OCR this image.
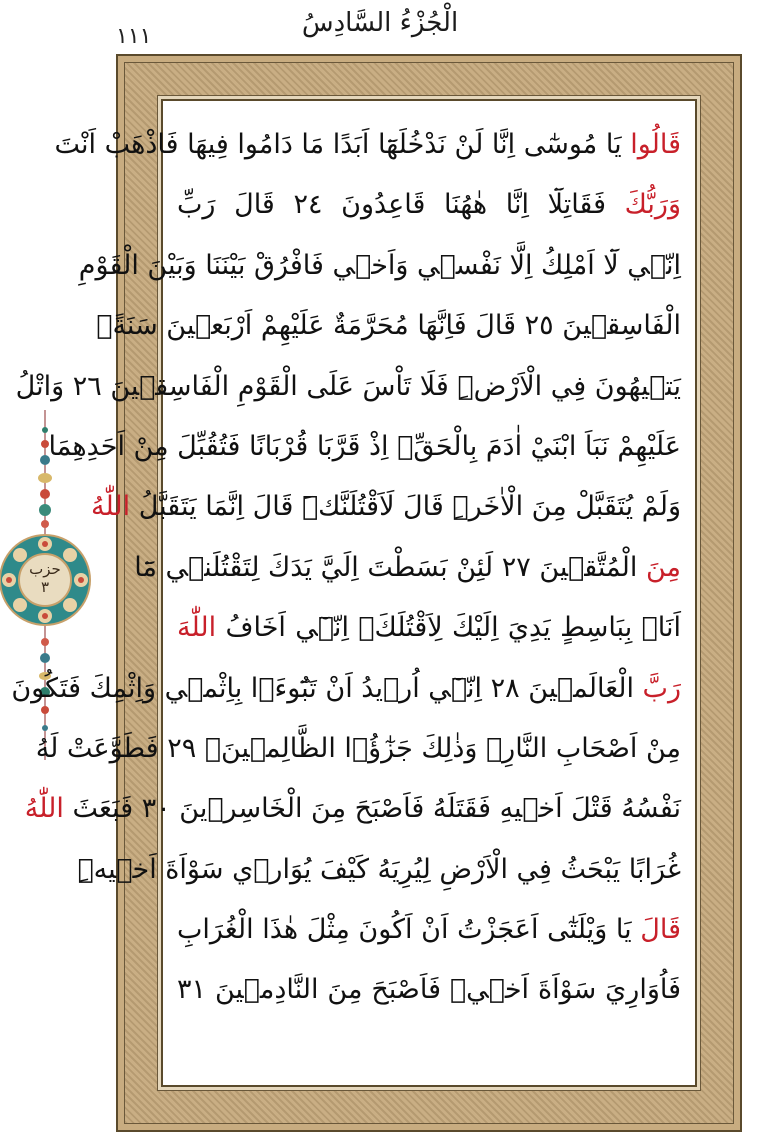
١١١	الْجُزْءُ السَّادِسُ
حزب
٣
قَالُوا يَا مُوسٰٓى اِنَّا لَنْ نَدْخُلَهَٓا اَبَدًا مَا دَامُوا فِيهَا فَاذْهَبْ اَنْتَ
وَرَبُّكَ فَقَاتِلَٓا اِنَّا هٰهُنَا قَاعِدُونَ ٢٤ قَالَ رَبِّ
اِنّ۪ي لَٓا اَمْلِكُ اِلَّا نَفْس۪ي وَاَخ۪ي فَافْرُقْ بَيْنَنَا وَبَيْنَ الْقَوْمِ
الْفَاسِق۪ينَ ٢٥ قَالَ فَاِنَّهَا مُحَرَّمَةٌ عَلَيْهِمْ اَرْبَع۪ينَ سَنَةًۚ
يَت۪يهُونَ فِي الْاَرْضِۜ فَلَا تَاْسَ عَلَى الْقَوْمِ الْفَاسِق۪ينَ ٢٦ وَاتْلُ
عَلَيْهِمْ نَبَاَ ابْنَيْ اٰدَمَ بِالْحَقِّۢ اِذْ قَرَّبَا قُرْبَانًا فَتُقُبِّلَ مِنْ اَحَدِهِمَا
وَلَمْ يُتَقَبَّلْ مِنَ الْاٰخَرِۜ قَالَ لَاَقْتُلَنَّكَۜ قَالَ اِنَّمَا يَتَقَبَّلُ اللّٰهُ
مِنَ الْمُتَّق۪ينَ ٢٧ لَئِنْ بَسَطْتَ اِلَيَّ يَدَكَ لِتَقْتُلَن۪ي مَٓا
اَنَا۬ بِبَاسِطٍ يَدِيَ اِلَيْكَ لِاَقْتُلَكَۚ اِنّ۪ٓي اَخَافُ اللّٰهَ
رَبَّ الْعَالَم۪ينَ ٢٨ اِنّ۪ٓي اُر۪يدُ اَنْ تَبُٓوءَ۬ا بِاِثْم۪ي وَاِثْمِكَ فَتَكُونَ
مِنْ اَصْحَابِ النَّارِۚ وَذٰلِكَ جَزٰٓؤُ۬ا الظَّالِم۪ينَۚ ٢٩ فَطَوَّعَتْ لَهُ
نَفْسُهُ قَتْلَ اَخ۪يهِ فَقَتَلَهُ فَاَصْبَحَ مِنَ الْخَاسِر۪ينَ ٣٠ فَبَعَثَ اللّٰهُ
غُرَابًا يَبْحَثُ فِي الْاَرْضِ لِيُرِيَهُ كَيْفَ يُوَار۪ي سَوْاَةَ اَخ۪يهِۜ
قَالَ يَا وَيْلَتٰٓى اَعَجَزْتُ اَنْ اَكُونَ مِثْلَ هٰذَا الْغُرَابِ
فَاُوَارِيَ سَوْاَةَ اَخ۪يۚ فَاَصْبَحَ مِنَ النَّادِم۪ينَ ٣١
